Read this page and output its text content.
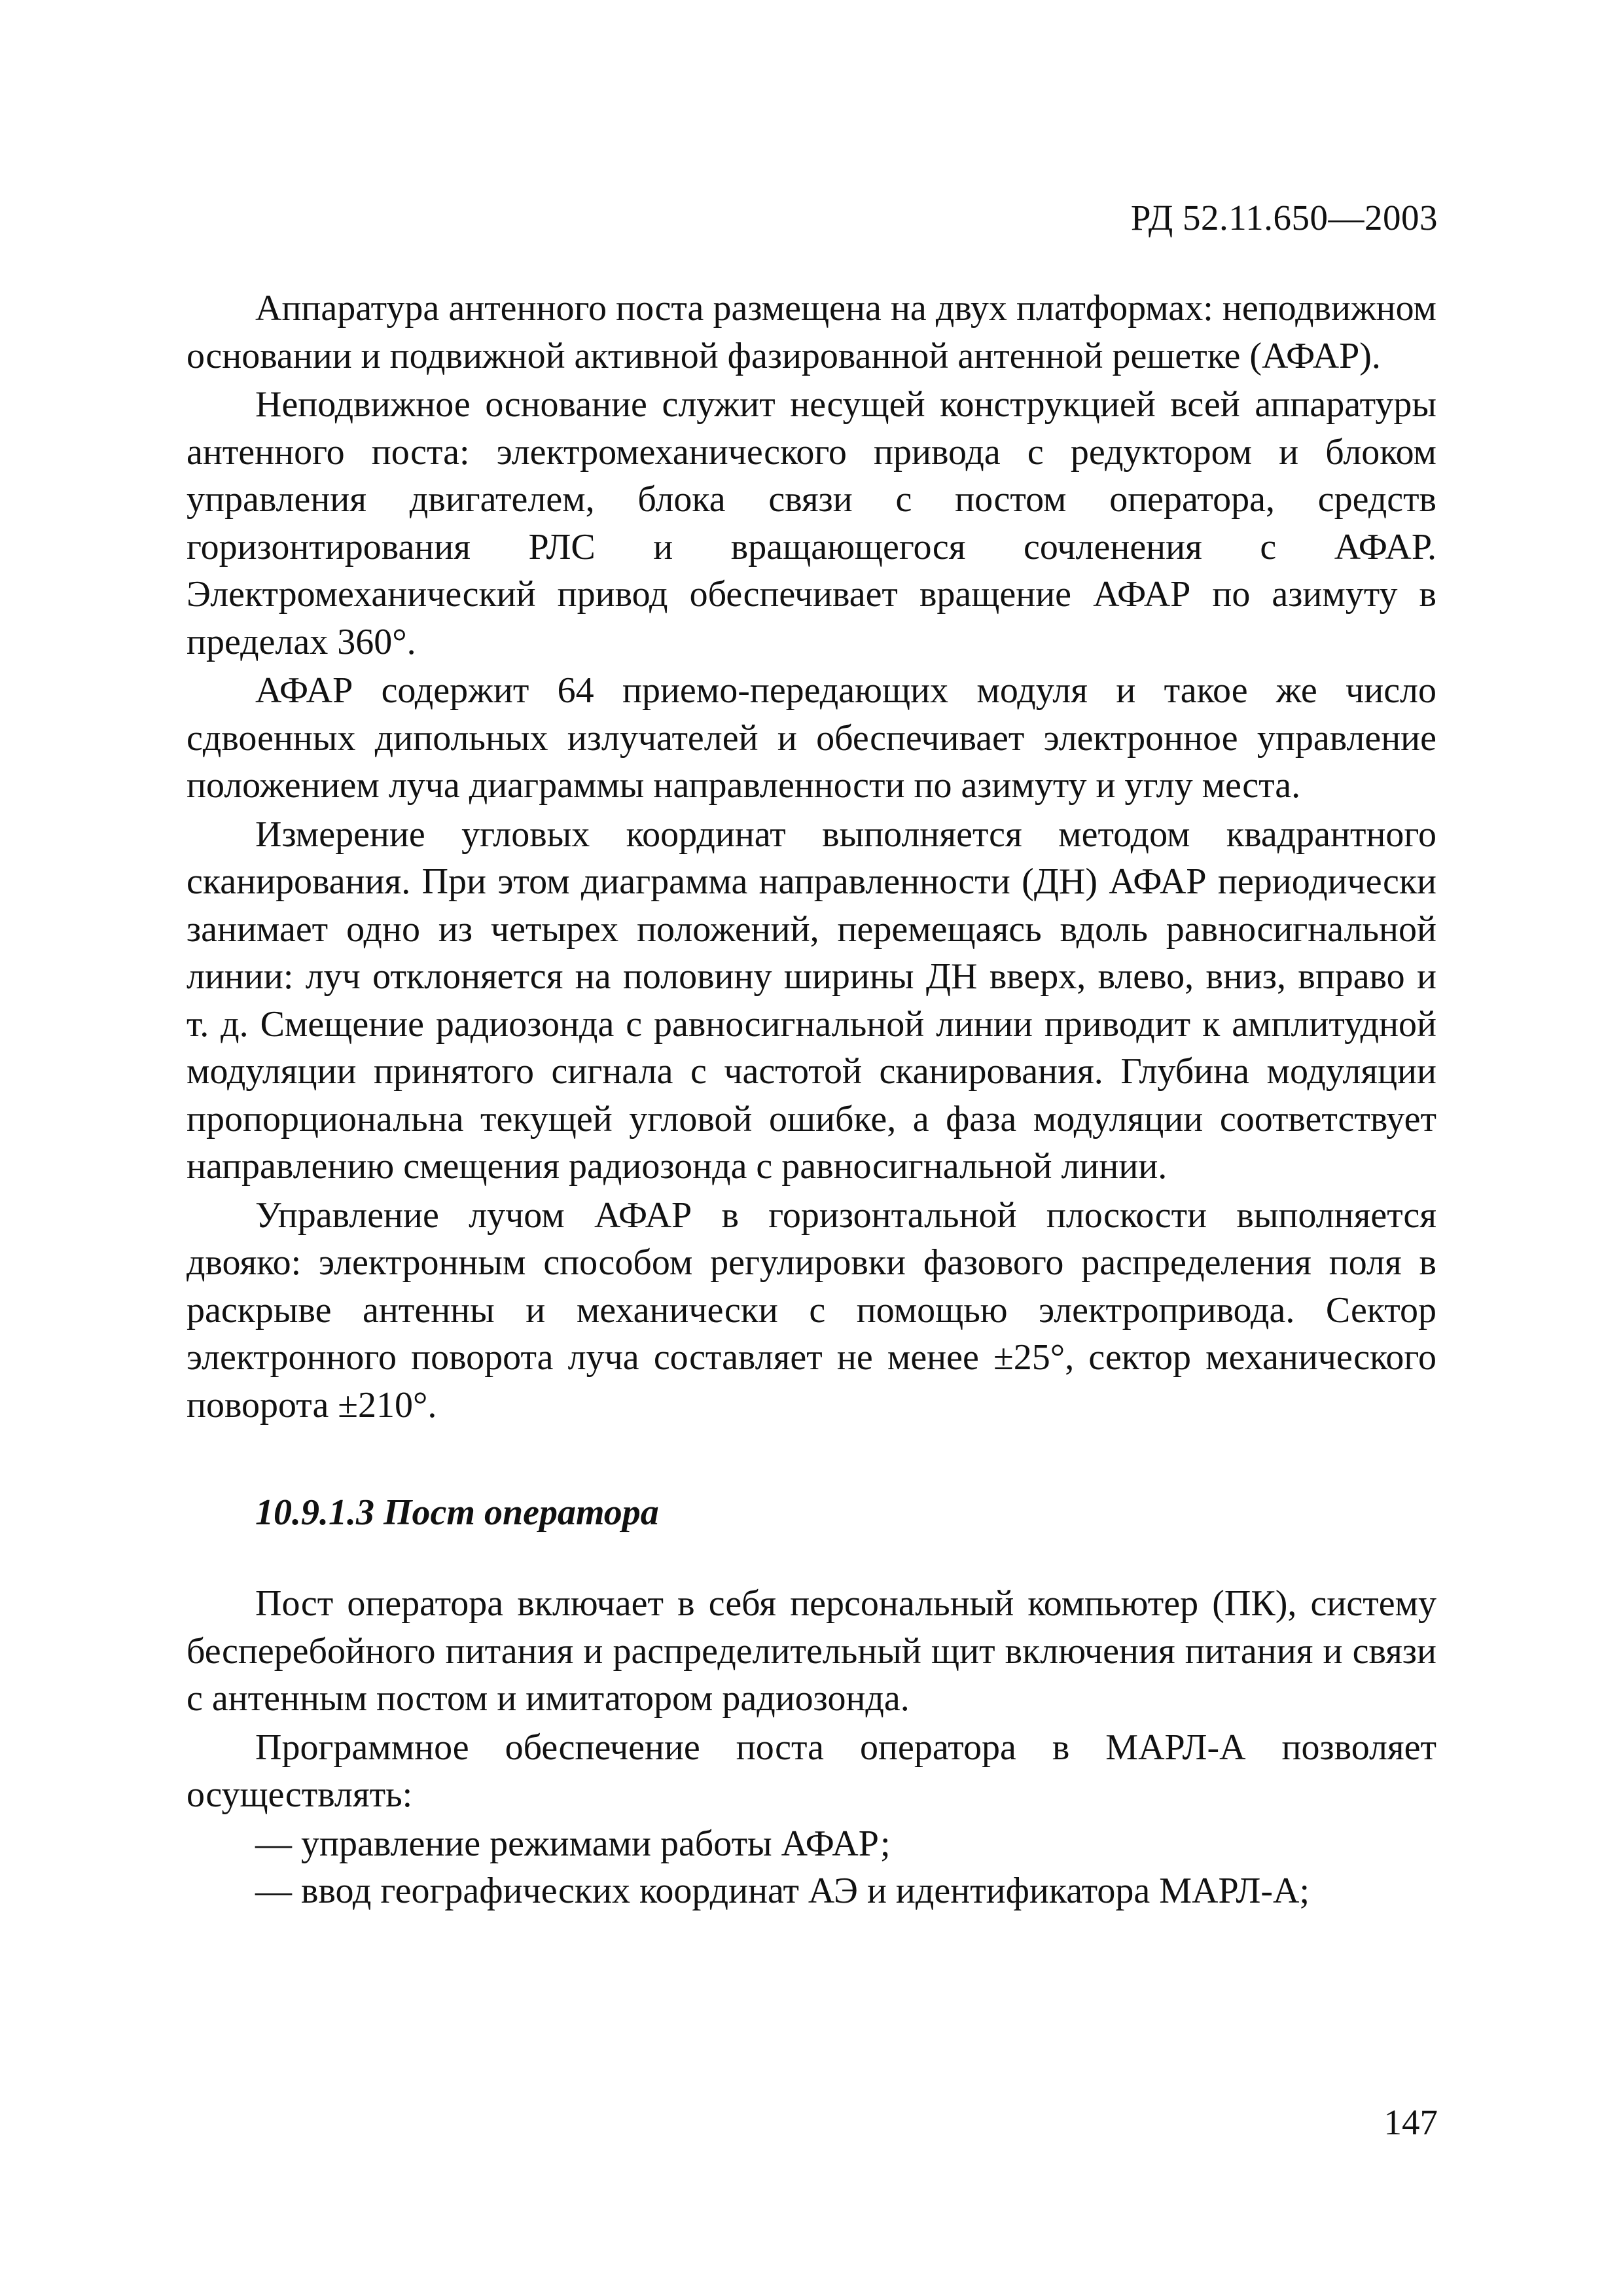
РД 52.11.650—2003

Аппаратура антенного поста размещена на двух платформах: неподвижном основании и подвижной активной фазированной антенной решетке (АФАР).

Неподвижное основание служит несущей конструкцией всей аппаратуры антенного поста: электромеханического привода с редуктором и блоком управления двигателем, блока связи с постом оператора, средств горизонтирования РЛС и вращающегося сочленения с АФАР. Электромеханический привод обеспечивает вращение АФАР по азимуту в пределах 360°.

АФАР содержит 64 приемо-передающих модуля и такое же число сдвоенных дипольных излучателей и обеспечивает электронное управление положением луча диаграммы направленности по азимуту и углу места.

Измерение угловых координат выполняется методом квадрантного сканирования. При этом диаграмма направленности (ДН) АФАР периодически занимает одно из четырех положений, перемещаясь вдоль равносигнальной линии: луч отклоняется на половину ширины ДН вверх, влево, вниз, вправо и т. д. Смещение радиозонда с равносигнальной линии приводит к амплитудной модуляции принятого сигнала с частотой сканирования. Глубина модуляции пропорциональна текущей угловой ошибке, а фаза модуляции соответствует направлению смещения радиозонда с равносигнальной линии.

Управление лучом АФАР в горизонтальной плоскости выполняется двояко: электронным способом регулировки фазового распределения поля в раскрыве антенны и механически с помощью электропривода. Сектор электронного поворота луча составляет не менее ±25°, сектор механического поворота ±210°.

10.9.1.3 Пост оператора

Пост оператора включает в себя персональный компьютер (ПК), систему бесперебойного питания и распределительный щит включения питания и связи с антенным постом и имитатором радиозонда.

Программное обеспечение поста оператора в МАРЛ-А позволяет осуществлять:

— управление режимами работы АФАР;
— ввод географических координат АЭ и идентификатора МАРЛ-А;
147
